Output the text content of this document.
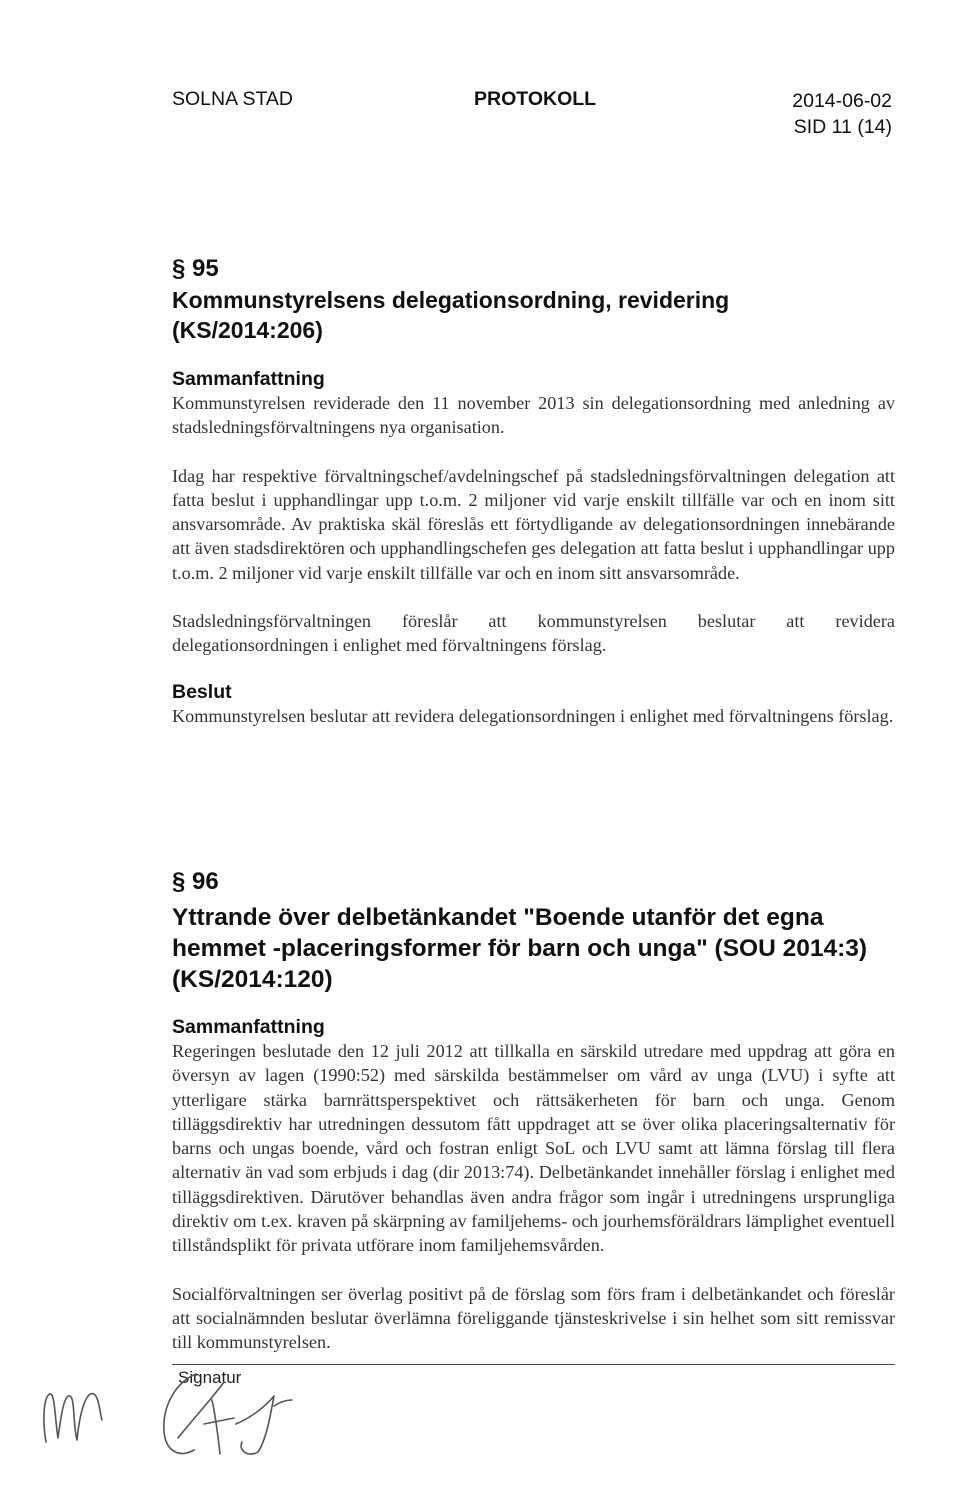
SOLNA STAD	PROTOKOLL	2014-06-02
SID 11 (14)
§ 95
Kommunstyrelsens delegationsordning, revidering
(KS/2014:206)
Sammanfattning

Kommunstyrelsen reviderade den 11 november 2013 sin delegationsordning med anledning av stadsledningsförvaltningens nya organisation.

Idag har respektive förvaltningschef/avdelningschef på stadsledningsförvaltningen delegation att fatta beslut i upphandlingar upp t.o.m. 2 miljoner vid varje enskilt tillfälle var och en inom sitt ansvarsområde. Av praktiska skäl föreslås ett förtydligande av delegationsordningen innebärande att även stadsdirektören och upphandlingschefen ges delegation att fatta beslut i upphandlingar upp t.o.m. 2 miljoner vid varje enskilt tillfälle var och en inom sitt ansvarsområde.

Stadsledningsförvaltningen föreslår att kommunstyrelsen beslutar att revidera delegationsordningen i enlighet med förvaltningens förslag.

Beslut

Kommunstyrelsen beslutar att revidera delegationsordningen i enlighet med förvaltningens förslag.

§ 96
Yttrande över delbetänkandet "Boende utanför det egna
hemmet -placeringsformer för barn och unga" (SOU 2014:3)
(KS/2014:120)
Sammanfattning

Regeringen beslutade den 12 juli 2012 att tillkalla en särskild utredare med uppdrag att göra en översyn av lagen (1990:52) med särskilda bestämmelser om vård av unga (LVU) i syfte att ytterligare stärka barnrättsperspektivet och rättsäkerheten för barn och unga. Genom tilläggsdirektiv har utredningen dessutom fått uppdraget att se över olika placeringsalternativ för barns och ungas boende, vård och fostran enligt SoL och LVU samt att lämna förslag till flera alternativ än vad som erbjuds i dag (dir 2013:74). Delbetänkandet innehåller förslag i enlighet med tilläggsdirektiven. Därutöver behandlas även andra frågor som ingår i utredningens ursprungliga direktiv om t.ex. kraven på skärpning av familjehems- och jourhemsföräldrars lämplighet eventuell tillståndsplikt för privata utförare inom familjehemsvården.

Socialförvaltningen ser överlag positivt på de förslag som förs fram i delbetänkandet och föreslår att socialnämnden beslutar överlämna föreliggande tjänsteskrivelse i sin helhet som sitt remissvar till kommunstyrelsen.

Signatur
